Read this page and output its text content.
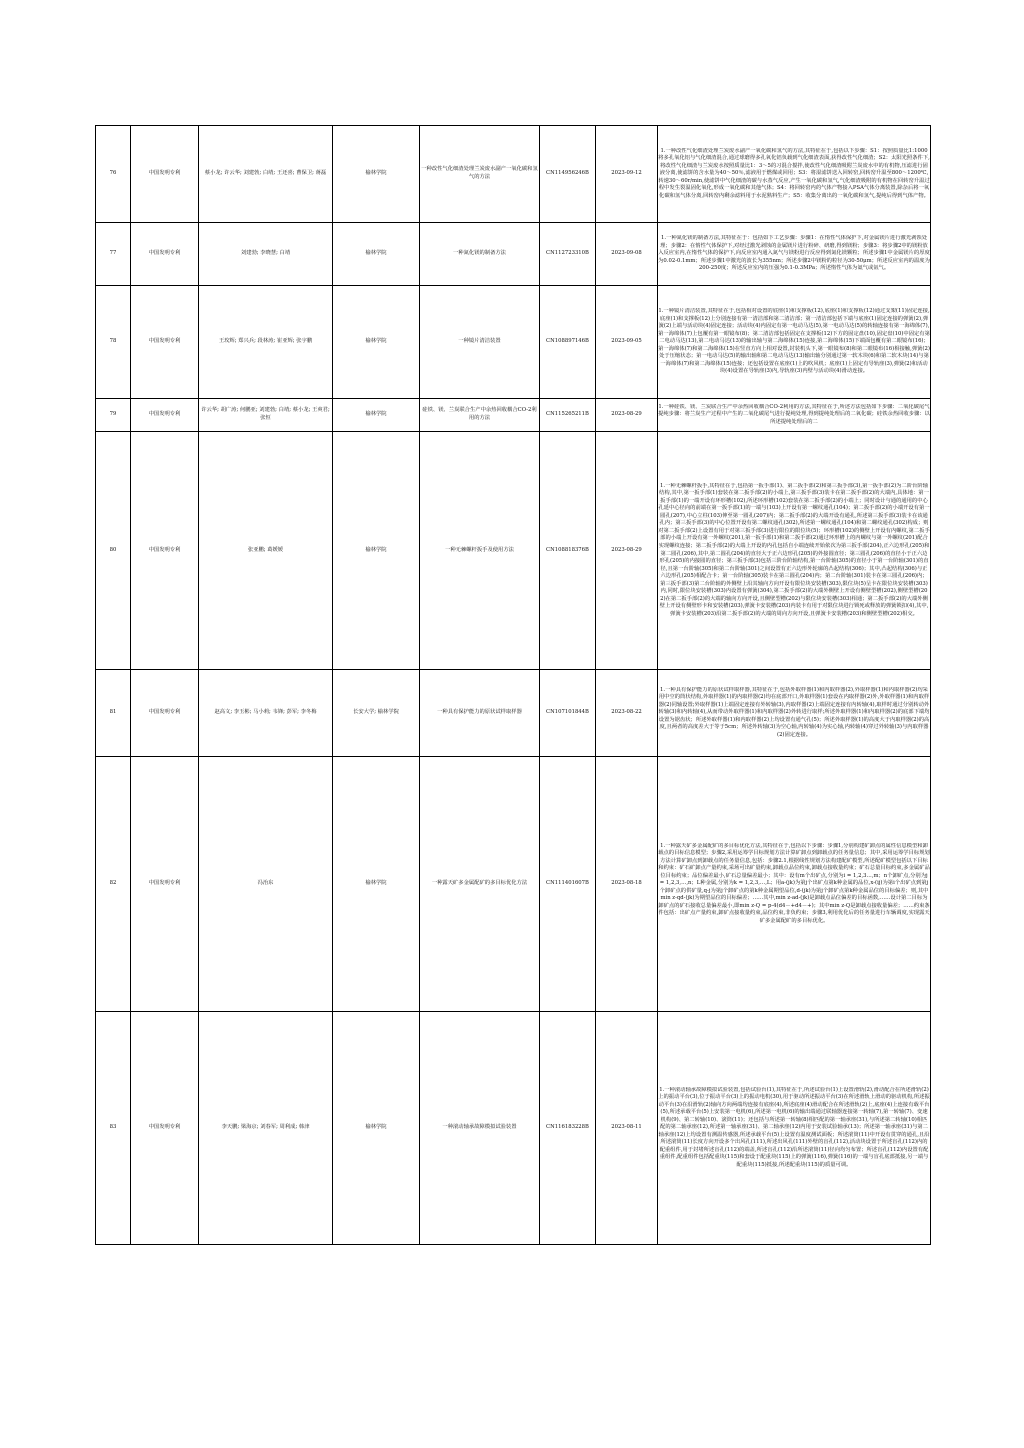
76	中国发明专利	蔡小龙; 许云华; 刘建勃; 白靖; 王还喜; 曹保卫; 蒋磊	榆林学院	一种改性气化细渣处理兰炭废水副产一氧化碳和氢气的方法	CN114956246B	2023-09-12	1.一种改性气化细渣处理兰炭废水副产一氧化碳和氢气的方法,其特征在于,包括以下步骤：S1：按照质量比1:1000将多孔氧化铝与气化细渣混合,通过球磨得多孔氧化铝负载到气化细渣表面,获得改性气化细渣；S2：太阳光照条件下,将改性气化细渣与兰炭废水按照质量比1：3～5的习混合搅拌,使改性气化细渣吸附兰炭废水中的有机物,压滤进行固液分离,使滤饼的含水量为40～50％,滤液用于燃煤或回用；S3：将湿滤饼送入回转窑,回转窑升温至800～1200℃,转速30～60r/min,使滤饼中气化细渣的碳与水蒸气反应,产生一氧化碳和氢气,气化细渣吸附的有机物在回转窑升温过程中发生裂温固化氧化,形成一氧化碳和其他气体；S4：将回转窑内的气体产物接入PSA气体分离装置,除杂后将一氧化碳和氢气体分离,回转窑内剩余滤料用于水泥熟料生产；S5：收集分离出的一氧化碳和氢气,提纯后得到气体产物。

77	中国发明专利	刘建勃; 李晓慧; 白靖	榆林学院	一种氮化镁的制备方法	CN112723310B	2023-09-08	1.一种氮化镁的制备方法,其特征在于：包括如下工艺步骤：步骤1：在惰性气体保护下,对金属镁片进行激光剥蚀处理；步骤2：在惰性气体保护下,对经过激光剥蚀的金属镁片进行粉碎、研磨,得到镁粉；步骤3：将步骤2中的镁粉放入反应室内,在惰性气体的保护下,向反应室内通入氮气与镁粉进行反应得到氮化镁颗粒；所述步骤1中金属镁片的厚度为0.02-0.1mm；所述步骤1中激光的波长为355nm；所述步骤2中镁粉的粒径为30-50μm；所述反应室内的温度为200-250度；所述反应室内的压强为0.1-0.3MPa；所述惰性气体为氦气或氩气。

78	中国发明专利	王玫辉; 郑兴兵; 段林涛; 崔亚辉; 张宇鹏	榆林学院	一种镜片清洁装置	CN108897146B	2023-09-05	1.一种镜片清洁装置,其特征在于,包括相对设置的底座(1)和支撑板(12),底座(1)和支撑板(12)通过支架(11)固定连接,底座(1)和支撑板(12)上分别连接有第一清洁部和第二清洁部；第一清洁部包括下端与底座(1)固定连接的弹簧(2),弹簧(2)上端与活动块(4)固定连接；活动块(4)内固定有第一电动马达(5),第一电动马达(5)的转轴连接有第一海绵体(7),第一海绵体(7)上包覆有第一眼镜布(8)；第二清洁部包括固定在支撑板(12)下方的固定盘(10),固定盘(10)中固定有第二电动马达(13),第二电动马达(13)的输出轴与第二海绵体(15)连接,第二海绵体(15)下端面包覆有第二眼镜布(16)；第一海绵体(7)和第二海绵体(15)在竖直方向上相对设置,封装机头下,第一眼镜布(8)和第二眼镜布(16)相接触,弹簧(2)处于压缩状态；第一电动马达(5)的输出轴和第二电动马达(13)输出轴分别通过第一软木块(6)和第二软木块(14)与第一海绵体(7)和第二海绵体(15)连接；还包括设置在底座(1)上的吹风机；底座(1)上固定有导轨座(3),弹簧(2)和活动块(4)设置在导轨座(3)内,导轨座(3)内壁与活动块(4)滑动连接。

79	中国发明专利	许云华; 胡广涛; 何鹏亚; 刘建勃; 白靖; 蔡小龙; 王爽君; 张恒	榆林学院	硅铁、镁、兰炭联合生产中余热回收耦合CO-2利用的方法	CN115265211B	2023-08-29	1.一种硅铁、镁、兰炭联合生产中余热回收耦合CO-2利用的方法,其特征在于,所述方法包括如下步骤：二氧化碳尾气提纯步骤：将兰炭生产过程中产生的二氧化碳尾气进行提纯处理,得到提纯处理后的二氧化碳；硅铁余热回收步骤：以所述提纯处理后的二

80	中国发明专利	张亚鹏; 葛媛媛	榆林学院	一种无棘螺杆扳手及使用方法	CN108818376B	2023-08-29	1.一种无棘螺杆扳手,其特征在于,包括第一扳手部(1)、第二扳手部(2)和第三扳手部(3),第一扳手部(2)为二阶台阶轴结构,其中,第一扳手部(1)套装在第二扳手部(2)的小端上,第三扳手部(3)装卡在第二扳手部(2)的大端内,具体地：第一扳手部(1)的一端开设有环形槽(102),所述环形槽(102)套装在第二扳手部(2)的小端上；同时设计与通的通用的中心孔延中心径向的前端在第一扳手部(1)的一端与(103)上开设有第一螺纹通孔(104)；第二扳手部(2)的小端开设有第一圆孔(207),中心立柱(103)伸至第一圆孔(207)内；第二扳手部(2)的大端开设有通孔,所述第三扳手部(3)装卡在该通孔内；第三扳手部(3)的中心位置开设有第二螺纹通孔(302),所述第一螺纹通孔(104)和第二螺纹通孔(302)构成；则对第二扳手部(2)上设置有用于对第三扳手部(3)进行限位的限位块(5)；环形槽(102)的侧壁上开设有内螺纹,第二扳手部的小端上开设有第一外螺纹(201),第一扳手部(1)和第二扳手部(2)通过环形槽上的内螺纹与第一外螺纹(201)配合实现螺纹连接；第二扳手部(2)的大端上开设的内孔包括自小端连续开始依次为第三扳手部(204),正六边形孔(205)和第二圆孔(206),其中,第二圆孔(204)的直径大于正六边形孔(205)的外接圆直径；第三圆孔(206)的直径小于正六边形孔(205)的内接圆的直径；第三扳手部(3)包括三阶台阶轴结构,第一台阶轴(305)的直径小于第一台阶轴(301)的直径,且第一台阶轴(305)和第二台阶轴(301)之间设置有正六边形外轮廓的凸起结构(306)；其中,凸起结构(306)与正六边形孔(205)相配合卡；第一台阶轴(305)装卡在第三圆孔(204)内；第二台阶轴(301)装卡在第三圆孔(206)内；第三扳手部(3)第二台阶轴的外侧壁上沿其轴向方向开设有限位块安装槽(303),限位块(5)呈卡在限位块安装槽(303)内,同时,限位块安装槽(303)内设置有弹簧(304),第二扳手部(2)的大端外侧壁上开设有侧壁型槽(202),侧壁型槽(202)在第二扳手部(2)的大端的轴向方向开设,且侧壁型槽(202)与限位块安装槽(303)相通；第二扳手部(2)的大端外侧壁上开设有侧壁形卡和安装槽(203),弹簧卡安装槽(203)内装卡有用于对限位块进行锁死或释放的弹簧锁扣(4),其中,弹簧卡安装槽(203)沿第二扳手部(2)的大端的周向方向开设,且弹簧卡安装槽(203)和侧壁型槽(202)相交。

81	中国发明专利	赵高文; 李玉彬; 马小莉; 韦锋; 彭军; 李冬梅	长安大学; 榆林学院	一种具有保护能力的原状试样取样器	CN107101844B	2023-08-22	1.一种具有保护能力的原状试样取样器,其特征在于,包括外取样器(1)和内取样器(2),外取样器(1)和内取样器(2)均采用中空的筒状结构,外取样器(1)的内取样器(2)均在底部开口,外取样器(1)套设在内取样器(2)外,外取样器(1)和内取样器(2)同轴设置;外取样器(1)上端固定连接有外转轴(3),内取样器(2)上端固定连接有内转轴(4),取样时通过分别转动外转轴(3)和内转轴(4),从而带动外取样器(1)和内取样器(2)外转进行取样;所述外取样器(1)和内取样器(2)的底部下端均设置为锯齿状；所述外取样器(1)和内取样器(2)上均设置有通气孔(5)；所述外取样器(1)的高度大于内取样器(2)的高度,且两者的高度差大于等于5cm；所述外转轴(3)为空心轴,内转轴(4)为实心轴,内转轴(4)穿过外转轴(3)与内取样器(2)固定连接。

82	中国发明专利	冯治东	榆林学院	一种露天矿多金属配矿的多目标优化方法	CN111401607B	2023-08-18	1.一种露天矿多金属配矿的多目标优化方法,其特征在于,包括以下步骤：步骤1,分别构建矿卸点的属性信息模型和卸载点的目标信息模型；步骤2,采用运筹学目标规划方法计算矿卸点到卸载点的任务量信息；其中,采用运筹学目标规划方法计算矿卸点到卸载点的任务量信息,包括：步骤2.1,根据线性规划方法构建配矿模型,所述配矿模型包括以下目标和约束：矿石矿卸点产量约束,采场可出矿量约束,卸载点品位约束,卸载点接收量约束；矿石总量目标约束,多金属矿品位目标约束；品位偏差最小,矿石总量偏差最小；其中：设有m个出矿点,分别为i = 1,2,3…,m；n个卸矿点,分别为j = 1,2,3,…,n；L种金属,分别为k = 1,2,3,…,L；用a-(jk)为第j个出矿点第k种金属的品位,x-(ij)为第i个出矿点到第j个卸矿点的供矿量,q-j为第j个卸矿点的第k种金属期望品位,d-(jk)为第j个卸矿点第k种金属品位的目标偏差；则,其中min z-qd-(jk)为期望品位的目标偏差；……其中,min z-ad-(jk)是卸载点品位偏差的目标函数,……设计第二目标为卸矿点的矿石接收总量偏差最小,即min z-Q = p-4(d4－+d4－+)；其中min z-Q是卸载点接收量偏差；……约束条件包括：出矿点产量约束,卸矿点接收量约束,品位约束,非负约束；步骤3,利用优化后的任务量进行车辆调度,实现露天矿多金属配矿的多目标优化。

83	中国发明专利	李天鹏; 梁海京; 刘春军; 周利成; 韩津	榆林学院	一种滚动轴承故障模拟试验装置	CN116183228B	2023-08-11	1.一种滚动轴承故障模拟试验装置,包括试验台(1),其特征在于,所述试验台(1)上设置滑轨(2),滑动配合在所述滑轨(2)上的振动平台(3),位于振动平台(3)上的振动电机(30),用于驱动所述振动平台(3)在所述滑轨上滑动的驱动机构,所述振动平台(3)在沿滑轨(2)轴向方向两端均连接有底座(4),所述底座(4)滑动配合在所述滑轨(2)上,底座(4)上连接有载平台(5),所述承载平台(5)上安装第一电机(6),所述第一电机(6)的输出端通过联轴器连接第一转轴(7),第一转轴(7)、变速机构(9)、第二转轴(10)、滚筒(11)；还包括与所述第一转轴(8)相匹配的第一轴承座(31),与所述第二转轴(10)相匹配的第二轴承座(12),所述第一轴承座(31)、第二轴承座(12)内用于安装试验轴承(13)；所述第一轴承座(31)与第二轴承座(12)上均设置有测温传感器,所述承载平台(5)上设置有温度测试面板；所述滚筒(11)中开设有贯穿的通孔,且沿所述滚筒(11)长度方向开设多个出风孔(111),所述出风孔(111)外壁的盲孔(112),活动块设置于所述盲孔(112)内的配重组件,用于封堵所述盲孔(112)的端盖,所述盲孔(112)沿所述滚筒(11)径向均匀布置；所述盲孔(112)内设置有配重组件,配重组件包括配重块(115)和套设于配重块(115)上的弹簧(116),弹簧(116)的一端与盲孔底部抵接,另一端与配重块(115)抵接,所述配重块(115)的质量可调。
